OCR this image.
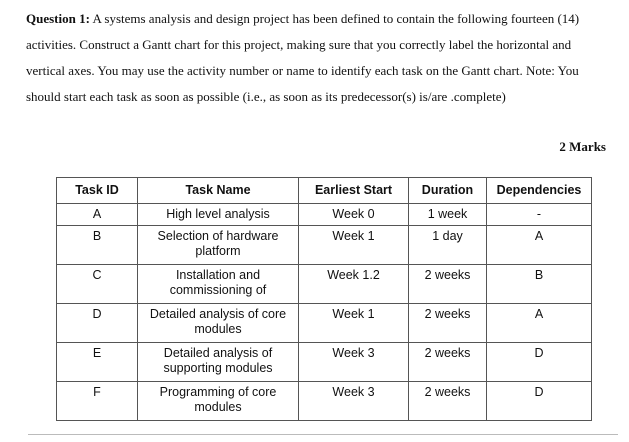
Question 1: A systems analysis and design project has been defined to contain the following fourteen (14) activities. Construct a Gantt chart for this project, making sure that you correctly label the horizontal and vertical axes. You may use the activity number or name to identify each task on the Gantt chart. Note: You should start each task as soon as possible (i.e., as soon as its predecessor(s) is/are .complete)

2 Marks
Task ID	Task Name	Earliest Start	Duration	Dependencies
A	High level analysis	Week 0	1 week	-
B	Selection of hardware platform	Week 1	1 day	A
C	Installation and commissioning of	Week 1.2	2 weeks	B
D	Detailed analysis of core modules	Week 1	2 weeks	A
E	Detailed analysis of supporting modules	Week 3	2 weeks	D
F	Programming of core modules	Week 3	2 weeks	D
